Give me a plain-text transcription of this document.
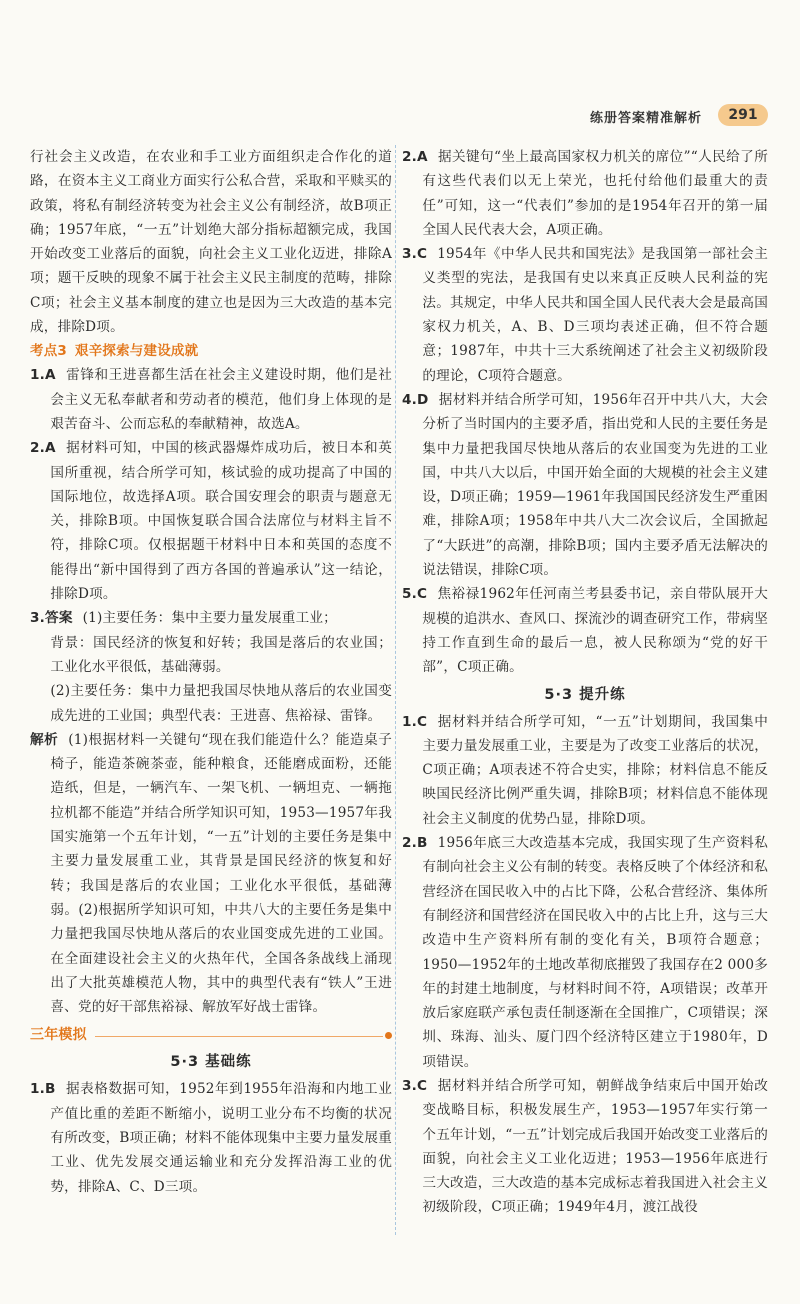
练册答案精准解析	291

行社会主义改造，在农业和手工业方面组织走合作化的道路，在资本主义工商业方面实行公私合营，采取和平赎买的政策，将私有制经济转变为社会主义公有制经济，故B项正确；1957年底，“一五”计划绝大部分指标超额完成，我国开始改变工业落后的面貌，向社会主义工业化迈进，排除A项；题干反映的现象不属于社会主义民主制度的范畴，排除C项；社会主义基本制度的建立也是因为三大改造的基本完成，排除D项。

考点3 艰辛探索与建设成就

1.A 雷锋和王进喜都生活在社会主义建设时期，他们是社会主义无私奉献者和劳动者的模范，他们身上体现的是艰苦奋斗、公而忘私的奉献精神，故选A。

2.A 据材料可知，中国的核武器爆炸成功后，被日本和英国所重视，结合所学可知，核试验的成功提高了中国的国际地位，故选择A项。联合国安理会的职责与题意无关，排除B项。中国恢复联合国合法席位与材料主旨不符，排除C项。仅根据题干材料中日本和英国的态度不能得出“新中国得到了西方各国的普遍承认”这一结论，排除D项。

3.答案 (1)主要任务：集中主要力量发展重工业；

背景：国民经济的恢复和好转；我国是落后的农业国；工业化水平很低，基础薄弱。

(2)主要任务：集中力量把我国尽快地从落后的农业国变成先进的工业国；典型代表：王进喜、焦裕禄、雷锋。

解析 (1)根据材料一关键句“现在我们能造什么？能造桌子椅子，能造茶碗茶壶，能种粮食，还能磨成面粉，还能造纸，但是，一辆汽车、一架飞机、一辆坦克、一辆拖拉机都不能造”并结合所学知识可知，1953—1957年我国实施第一个五年计划，“一五”计划的主要任务是集中主要力量发展重工业，其背景是国民经济的恢复和好转；我国是落后的农业国；工业化水平很低，基础薄弱。(2)根据所学知识可知，中共八大的主要任务是集中力量把我国尽快地从落后的农业国变成先进的工业国。在全面建设社会主义的火热年代，全国各条战线上涌现出了大批英雄模范人物，其中的典型代表有“铁人”王进喜、党的好干部焦裕禄、解放军好战士雷锋。

三年模拟
5·3 基础练

1.B 据表格数据可知，1952年到1955年沿海和内地工业产值比重的差距不断缩小，说明工业分布不均衡的状况有所改变，B项正确；材料不能体现集中主要力量发展重工业、优先发展交通运输业和充分发挥沿海工业的优势，排除A、C、D三项。

2.A 据关键句“坐上最高国家权力机关的席位”“人民给了所有这些代表们以无上荣光，也托付给他们最重大的责任”可知，这一“代表们”参加的是1954年召开的第一届全国人民代表大会，A项正确。

3.C 1954年《中华人民共和国宪法》是我国第一部社会主义类型的宪法，是我国有史以来真正反映人民利益的宪法。其规定，中华人民共和国全国人民代表大会是最高国家权力机关，A、B、D三项均表述正确，但不符合题意；1987年，中共十三大系统阐述了社会主义初级阶段的理论，C项符合题意。

4.D 据材料并结合所学可知，1956年召开中共八大，大会分析了当时国内的主要矛盾，指出党和人民的主要任务是集中力量把我国尽快地从落后的农业国变为先进的工业国，中共八大以后，中国开始全面的大规模的社会主义建设，D项正确；1959—1961年我国国民经济发生严重困难，排除A项；1958年中共八大二次会议后，全国掀起了“大跃进”的高潮，排除B项；国内主要矛盾无法解决的说法错误，排除C项。

5.C 焦裕禄1962年任河南兰考县委书记，亲自带队展开大规模的追洪水、查风口、探流沙的调查研究工作，带病坚持工作直到生命的最后一息，被人民称颂为“党的好干部”，C项正确。

5·3 提升练

1.C 据材料并结合所学可知，“一五”计划期间，我国集中主要力量发展重工业，主要是为了改变工业落后的状况，C项正确；A项表述不符合史实，排除；材料信息不能反映国民经济比例严重失调，排除B项；材料信息不能体现社会主义制度的优势凸显，排除D项。

2.B 1956年底三大改造基本完成，我国实现了生产资料私有制向社会主义公有制的转变。表格反映了个体经济和私营经济在国民收入中的占比下降，公私合营经济、集体所有制经济和国营经济在国民收入中的占比上升，这与三大改造中生产资料所有制的变化有关，B项符合题意；1950—1952年的土地改革彻底摧毁了我国存在2 000多年的封建土地制度，与材料时间不符，A项错误；改革开放后家庭联产承包责任制逐渐在全国推广，C项错误；深圳、珠海、汕头、厦门四个经济特区建立于1980年，D项错误。

3.C 据材料并结合所学可知，朝鲜战争结束后中国开始改变战略目标，积极发展生产，1953—1957年实行第一个五年计划，“一五”计划完成后我国开始改变工业落后的面貌，向社会主义工业化迈进；1953—1956年底进行三大改造，三大改造的基本完成标志着我国进入社会主义初级阶段，C项正确；1949年4月，渡江战役
